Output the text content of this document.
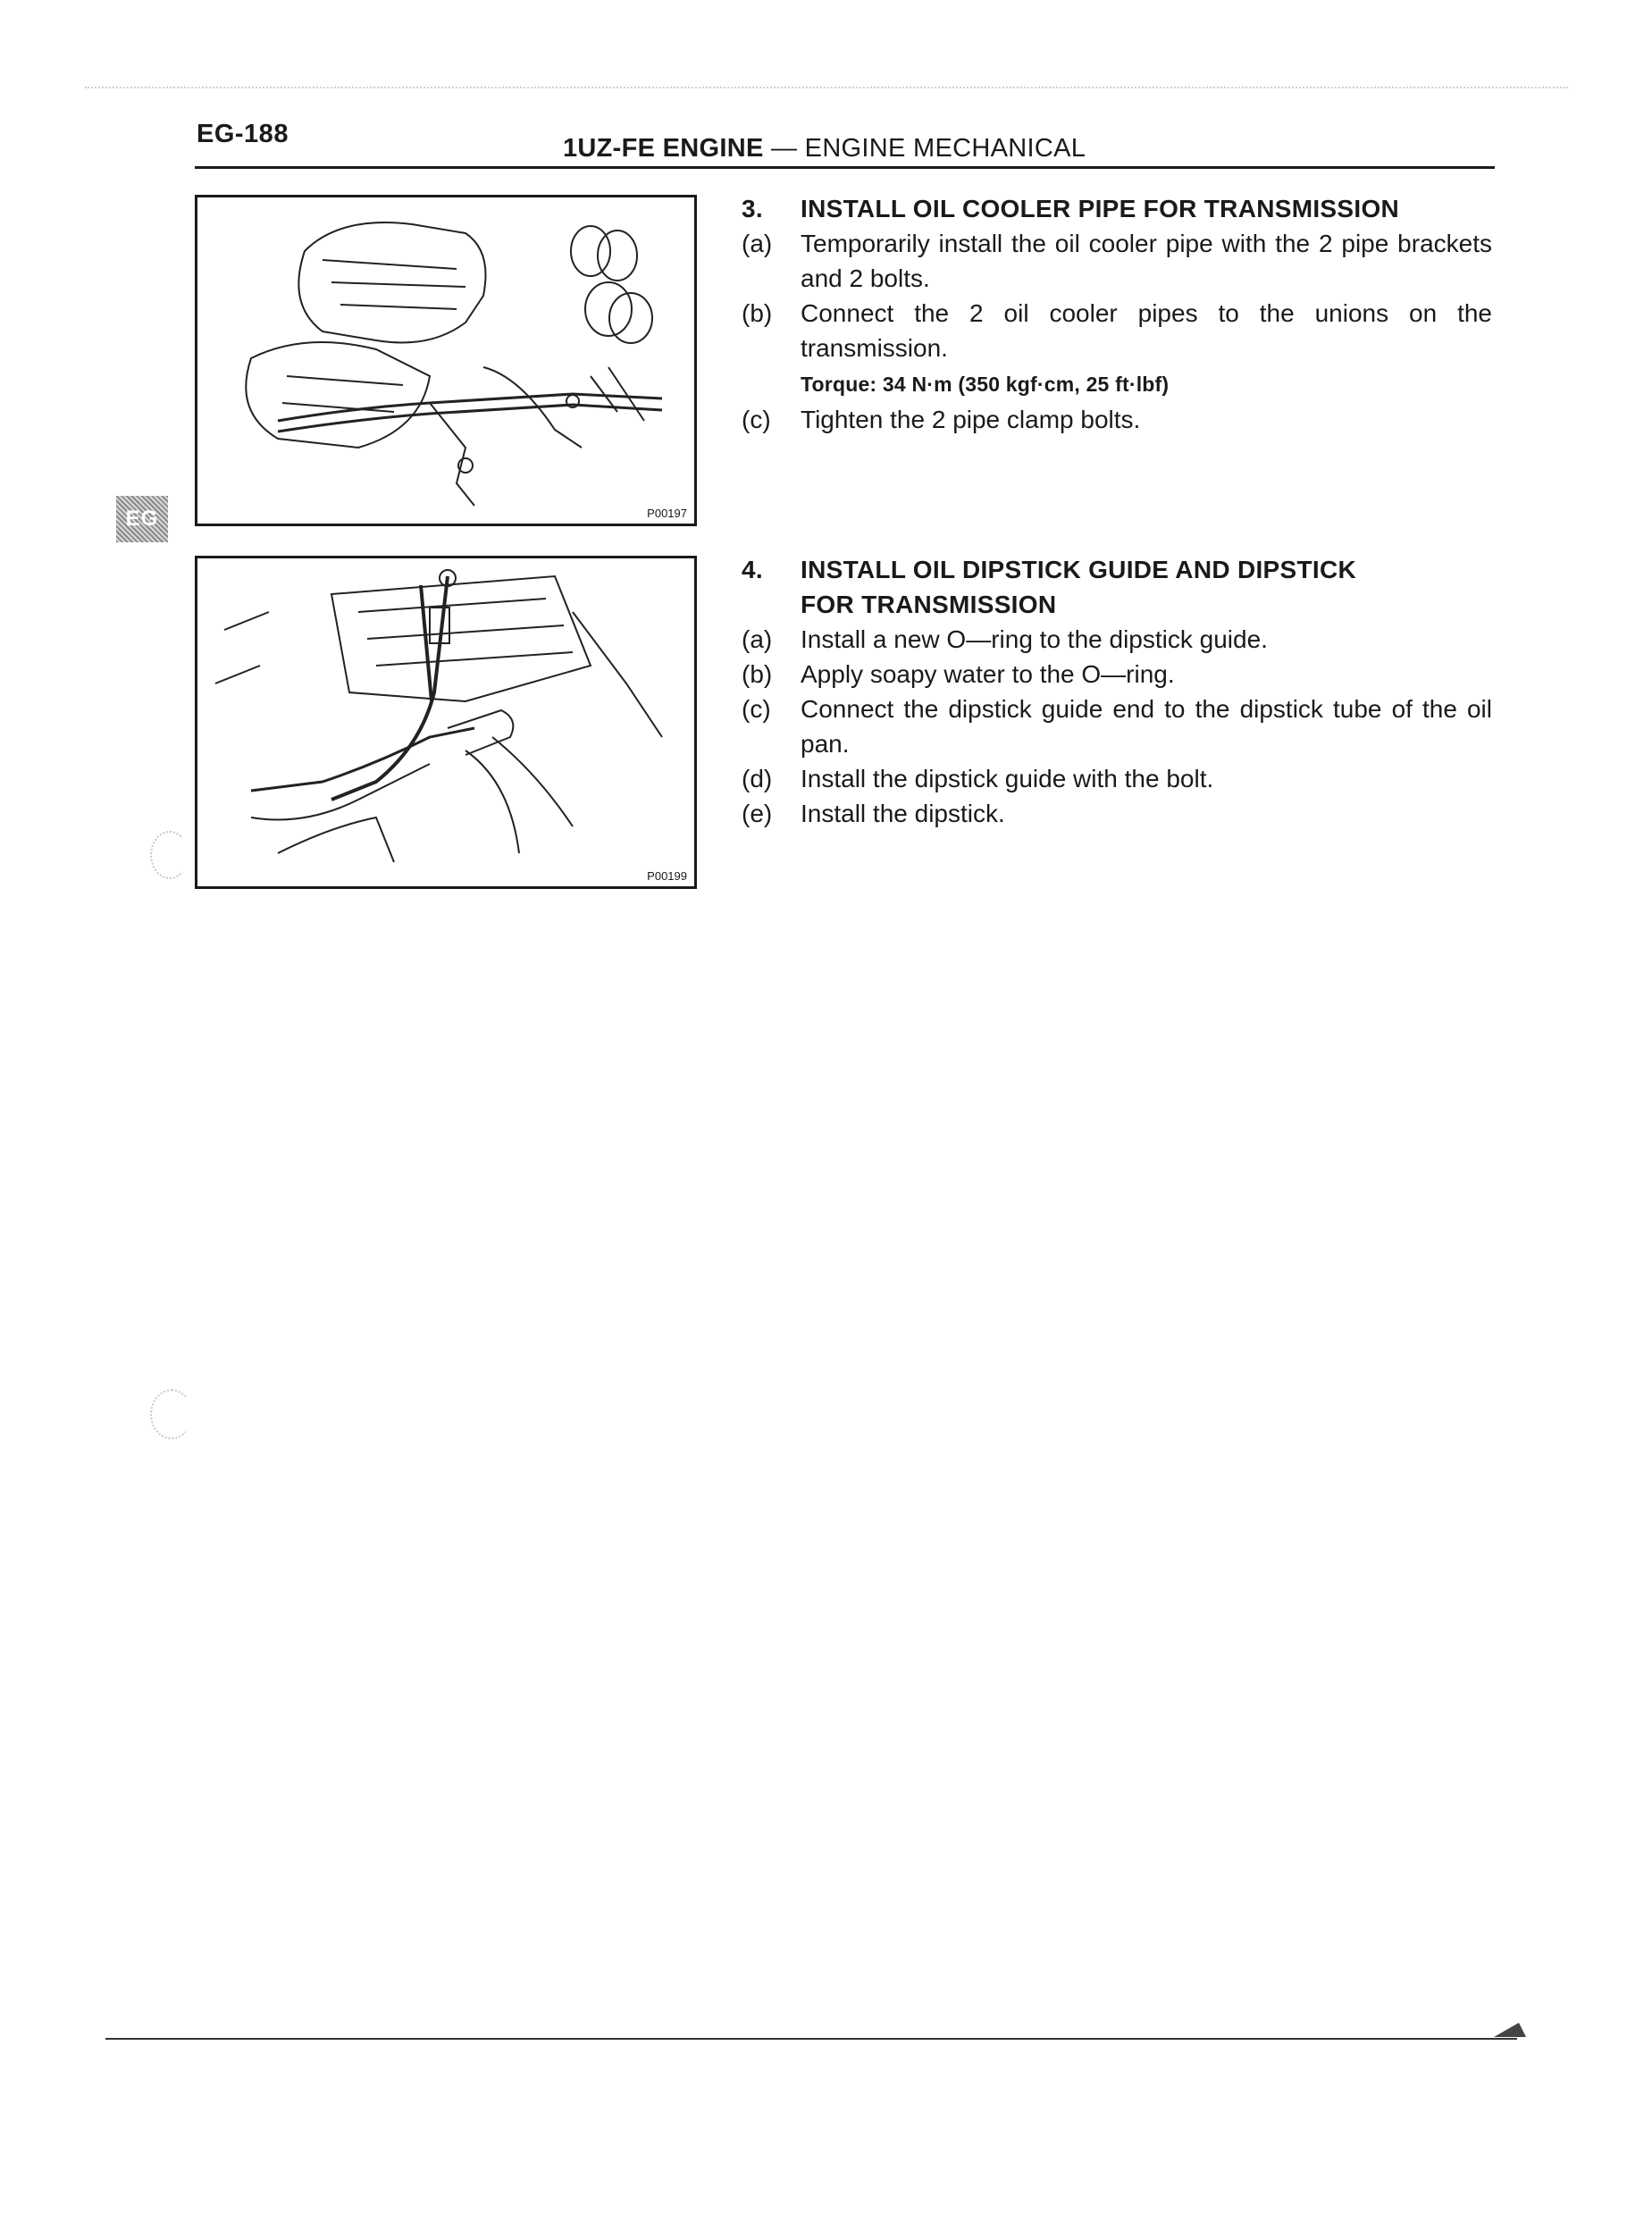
EG-188	1UZ-FE ENGINE — ENGINE MECHANICAL
EG	P00197
P00199
3.	INSTALL OIL COOLER PIPE FOR TRANSMISSION
(a)	Temporarily install the oil cooler pipe with the 2 pipe brackets and 2 bolts.
(b)	Connect the 2 oil cooler pipes to the unions on the transmission.
Torque: 34 N·m (350 kgf·cm, 25 ft·lbf)
(c)	Tighten the 2 pipe clamp bolts.
4.	INSTALL OIL DIPSTICK GUIDE AND DIPSTICK
FOR TRANSMISSION
(a)	Install a new O—ring to the dipstick guide.
(b)	Apply soapy water to the O—ring.
(c)	Connect the dipstick guide end to the dipstick tube of the oil pan.
(d)	Install the dipstick guide with the bolt.
(e)	Install the dipstick.
